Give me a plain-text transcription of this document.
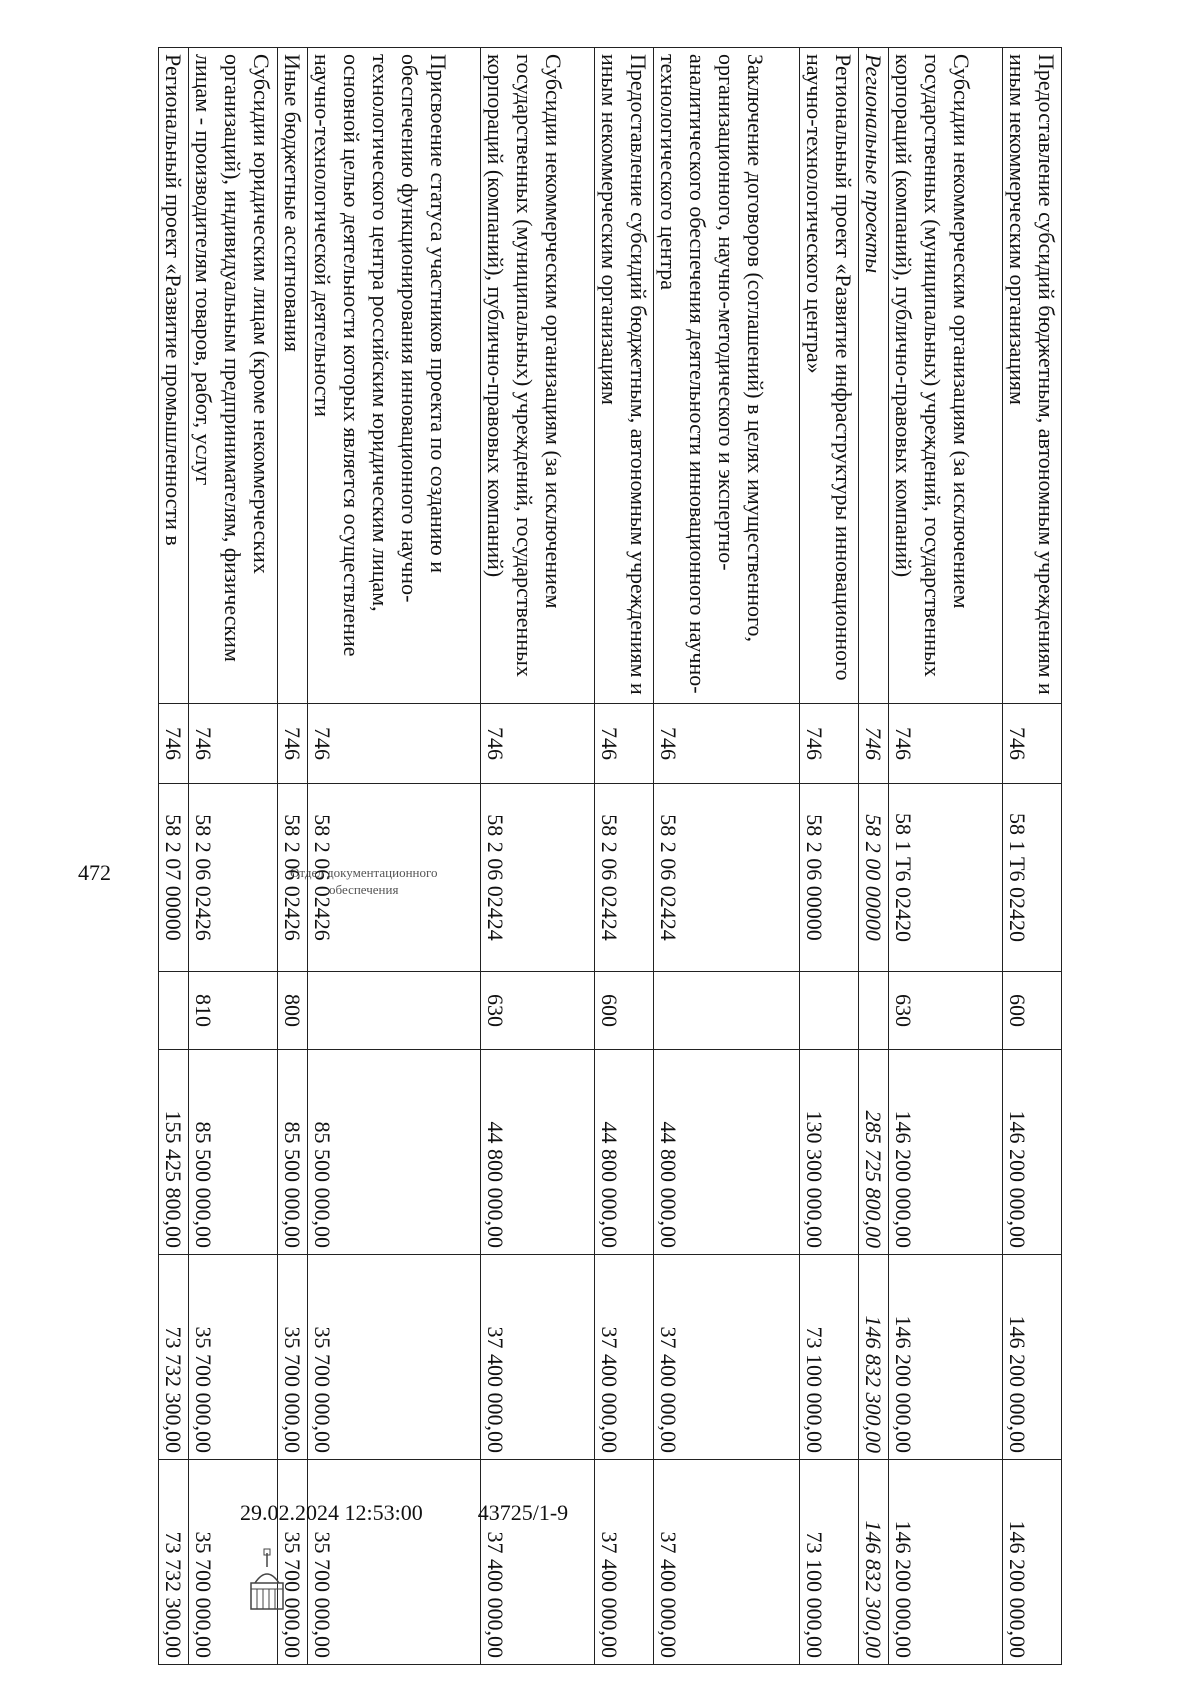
472	Отдел документационного
обеспечения
Предоставление субсидий бюджетным, автономным учреждениям и иным некоммерческим организациям	746	58 1 Т6 02420	600	146 200 000,00	146 200 000,00	146 200 000,00
Субсидии некоммерческим организациям (за исключением государственных (муниципальных) учреждений, государственных корпораций (компаний), публично-правовых компаний)	746	58 1 Т6 02420	630	146 200 000,00	146 200 000,00	146 200 000,00
Региональные проекты	746	58 2 00 00000		285 725 800,00	146 832 300,00	146 832 300,00
Региональный проект «Развитие инфраструктуры инновационного научно-технологического центра»	746	58 2 06 00000		130 300 000,00	73 100 000,00	73 100 000,00
Заключение договоров (соглашений) в целях имущественного, организационного, научно-методического и экспертно-аналитического обеспечения деятельности инновационного научно-технологического центра	746	58 2 06 02424		44 800 000,00	37 400 000,00	37 400 000,00
Предоставление субсидий бюджетным, автономным учреждениям и иным некоммерческим организациям	746	58 2 06 02424	600	44 800 000,00	37 400 000,00	37 400 000,00
Субсидии некоммерческим организациям (за исключением государственных (муниципальных) учреждений, государственных корпораций (компаний), публично-правовых компаний)	746	58 2 06 02424	630	44 800 000,00	37 400 000,00	37 400 000,00
Присвоение статуса участников проекта по созданию и обеспечению функционирования инновационного научно-технологического центра российским юридическим лицам, основной целью деятельности которых является осуществление научно-технологической деятельности	746	58 2 06 02426		85 500 000,00	35 700 000,00	35 700 000,00
Иные бюджетные ассигнования	746	58 2 06 02426	800	85 500 000,00	35 700 000,00	35 700 000,00
Субсидии юридическим лицам (кроме некоммерческих организаций), индивидуальным предпринимателям, физическим лицам - производителям товаров, работ, услуг	746	58 2 06 02426	810	85 500 000,00	35 700 000,00	35 700 000,00
Региональный проект «Развитие промышленности в	746	58 2 07 00000		155 425 800,00	73 732 300,00	73 732 300,00
29.02.2024 12:53:00	43725/1-9
